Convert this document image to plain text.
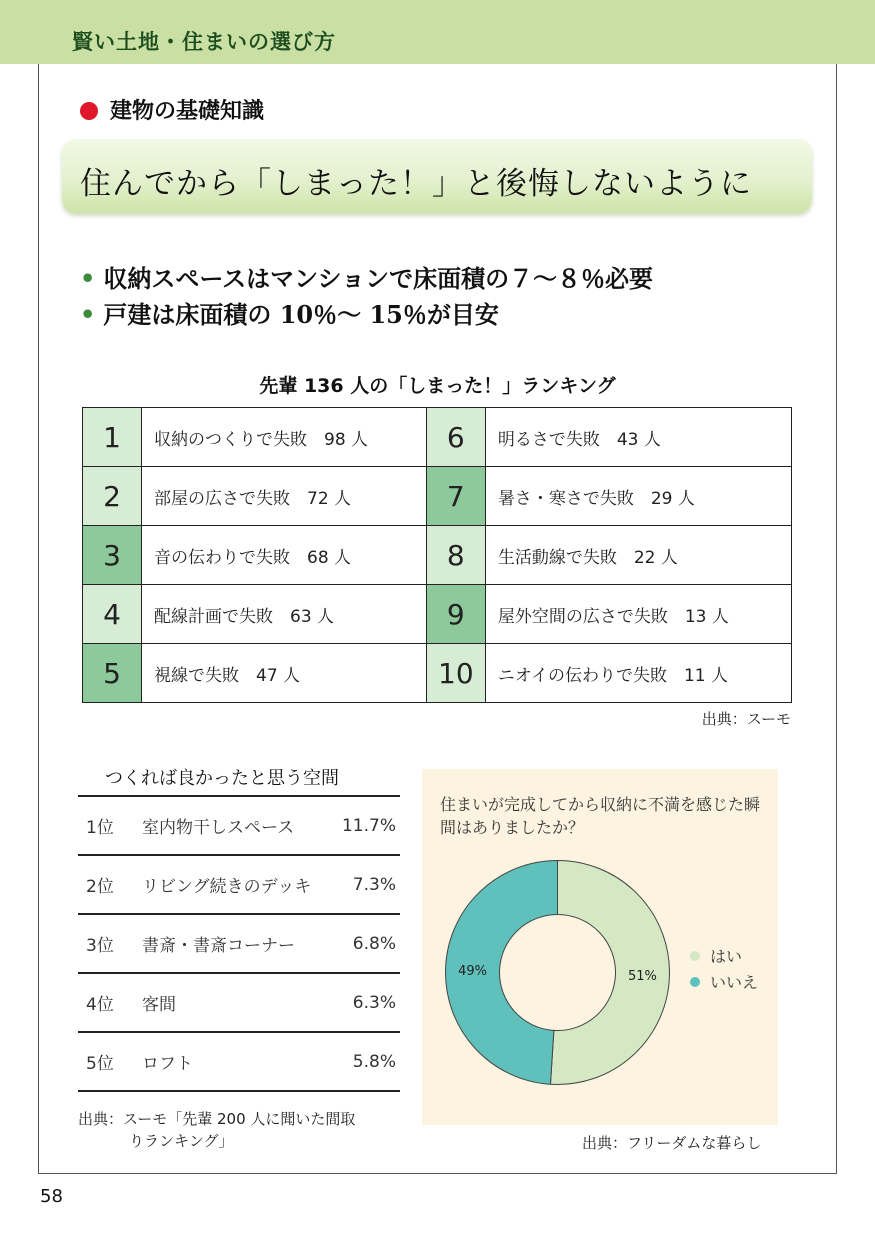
賢い土地・住まいの選び方
建物の基礎知識
住んでから「しまった！」と後悔しないように
• 収納スペースはマンションで床面積の７～８％必要
• 戸建は床面積の 10％～ 15％が目安
先輩 136 人の「しまった！」ランキング
1	収納のつくりで失敗　98 人	6	明るさで失敗　43 人
2	部屋の広さで失敗　72 人	7	暑さ・寒さで失敗　29 人
3	音の伝わりで失敗　68 人	8	生活動線で失敗　22 人
4	配線計画で失敗　63 人	9	屋外空間の広さで失敗　13 人
5	視線で失敗　47 人	10	ニオイの伝わりで失敗　11 人
出典：スーモ
つくれば良かったと思う空間
1位	室内物干しスペース	11.7%
2位	リビング続きのデッキ	7.3%
3位	書斎・書斎コーナー	6.8%
4位	客間	6.3%
5位	ロフト	5.8%
出典：スーモ「先輩 200 人に聞いた間取
りランキング」
住まいが完成してから収納に不満を感じた瞬間はありましたか？
51%
49%
はい
いいえ
出典：フリーダムな暮らし
58
